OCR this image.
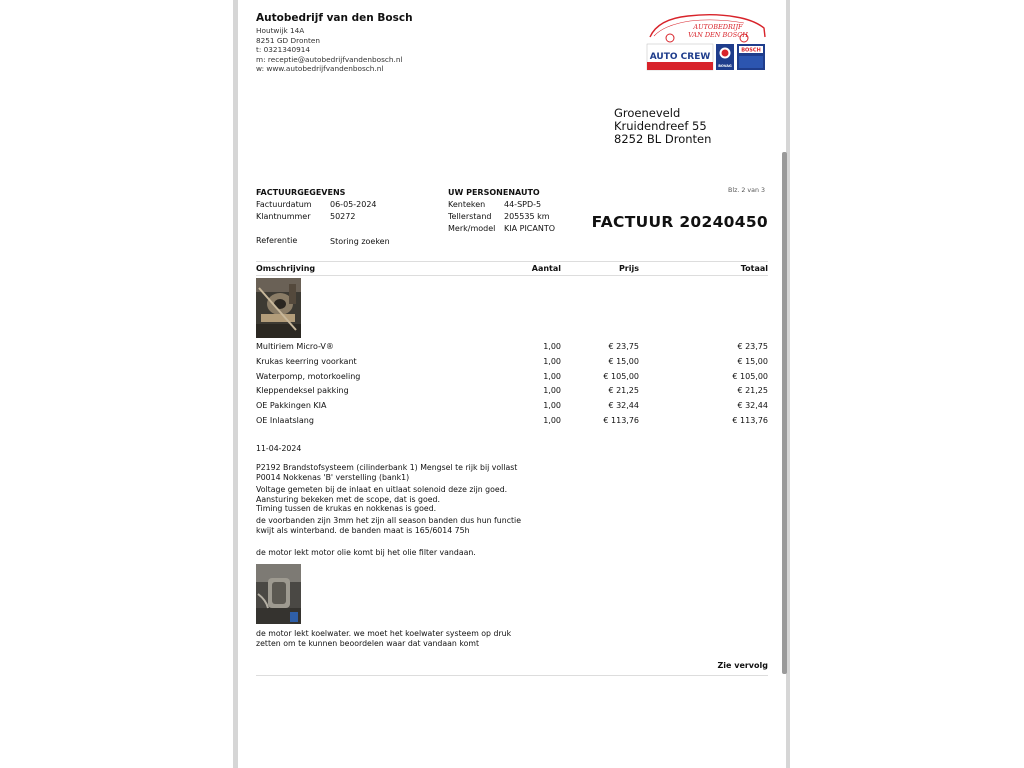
Autobedrijf van den Bosch
Houtwijk 14A
8251 GD Dronten
t: 0321340914
m: receptie@autobedrijfvandenbosch.nl
w: www.autobedrijfvandenbosch.nl
AUTOBEDRIJF
VAN DEN BOSCH
AUTO CREW
BOVAG
BOSCH
Groeneveld
Kruidendreef 55
8252 BL Dronten
FACTUURGEGEVENS
Factuurdatum 06-05-2024
Klantnummer 50272
Referentie	Storing zoeken
UW PERSONENAUTO
Kenteken 44-SPD-5
Tellerstand 205535 km
Merk/model KIA PICANTO
Blz. 2 van 3
FACTUUR 20240450
Omschrijving	Aantal	Prijs	Totaal
Multiriem Micro-V®	1,00	€ 23,75	€ 23,75
Krukas keerring voorkant	1,00	€ 15,00	€ 15,00
Waterpomp, motorkoeling	1,00	€ 105,00	€ 105,00
Kleppendeksel pakking	1,00	€ 21,25	€ 21,25
OE Pakkingen KIA	1,00	€ 32,44	€ 32,44
OE Inlaatslang	1,00	€ 113,76	€ 113,76
11-04-2024
P2192 Brandstofsysteem (cilinderbank 1) Mengsel te rijk bij vollast
P0014 Nokkenas 'B' verstelling (bank1)
Voltage gemeten bij de inlaat en uitlaat solenoid deze zijn goed.
Aansturing bekeken met de scope, dat is goed.
Timing tussen de krukas en nokkenas is goed.
de voorbanden zijn 3mm het zijn all season banden dus hun functie
kwijt als winterband. de banden maat is 165/6014 75h
de motor lekt motor olie komt bij het olie filter vandaan.
de motor lekt koelwater. we moet het koelwater systeem op druk
zetten om te kunnen beoordelen waar dat vandaan komt
Zie vervolg
